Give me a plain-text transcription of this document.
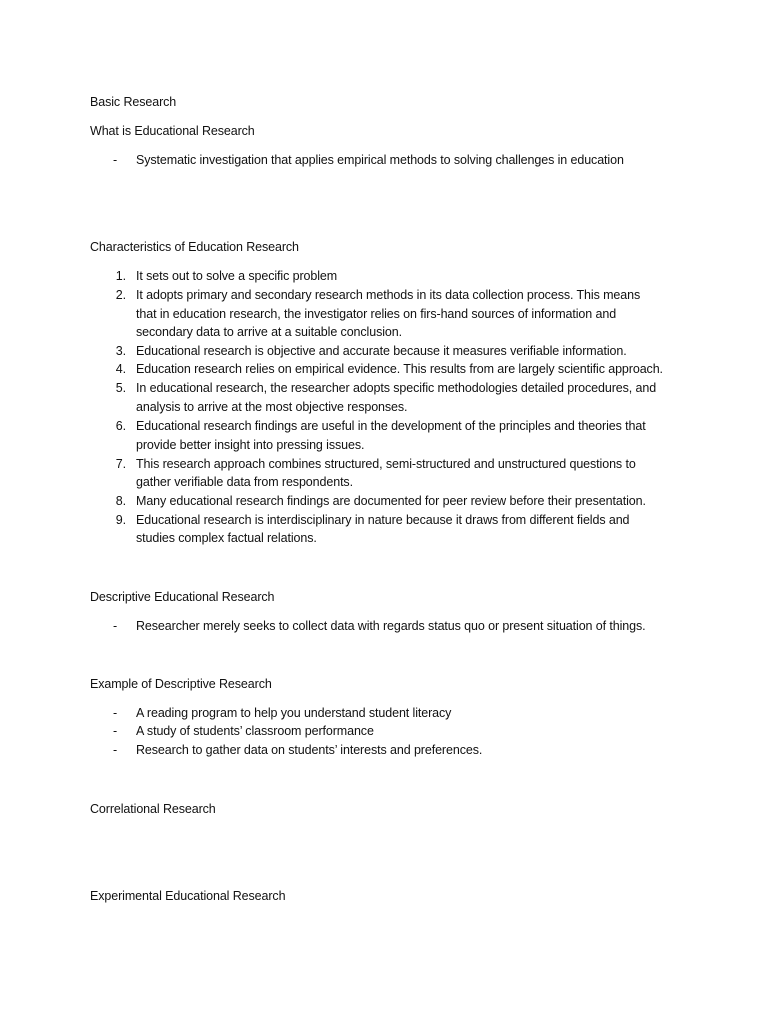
Basic Research
What is Educational Research
- Systematic investigation that applies empirical methods to solving challenges in education
Characteristics of Education Research
1. It sets out to solve a specific problem
2. It adopts primary and secondary research methods in its data collection process. This means
that in education research, the investigator relies on firs-hand sources of information and
secondary data to arrive at a suitable conclusion.
3. Educational research is objective and accurate because it measures verifiable information.
4. Education research relies on empirical evidence. This results from are largely scientific approach.
5. In educational research, the researcher adopts specific methodologies detailed procedures, and
analysis to arrive at the most objective responses.
6. Educational research findings are useful in the development of the principles and theories that
provide better insight into pressing issues.
7. This research approach combines structured, semi-structured and unstructured questions to
gather verifiable data from respondents.
8. Many educational research findings are documented for peer review before their presentation.
9. Educational research is interdisciplinary in nature because it draws from different fields and
studies complex factual relations.
Descriptive Educational Research
- Researcher merely seeks to collect data with regards status quo or present situation of things.
Example of Descriptive Research
- A reading program to help you understand student literacy
- A study of students’ classroom performance
- Research to gather data on students’ interests and preferences.
Correlational Research
Experimental Educational Research
